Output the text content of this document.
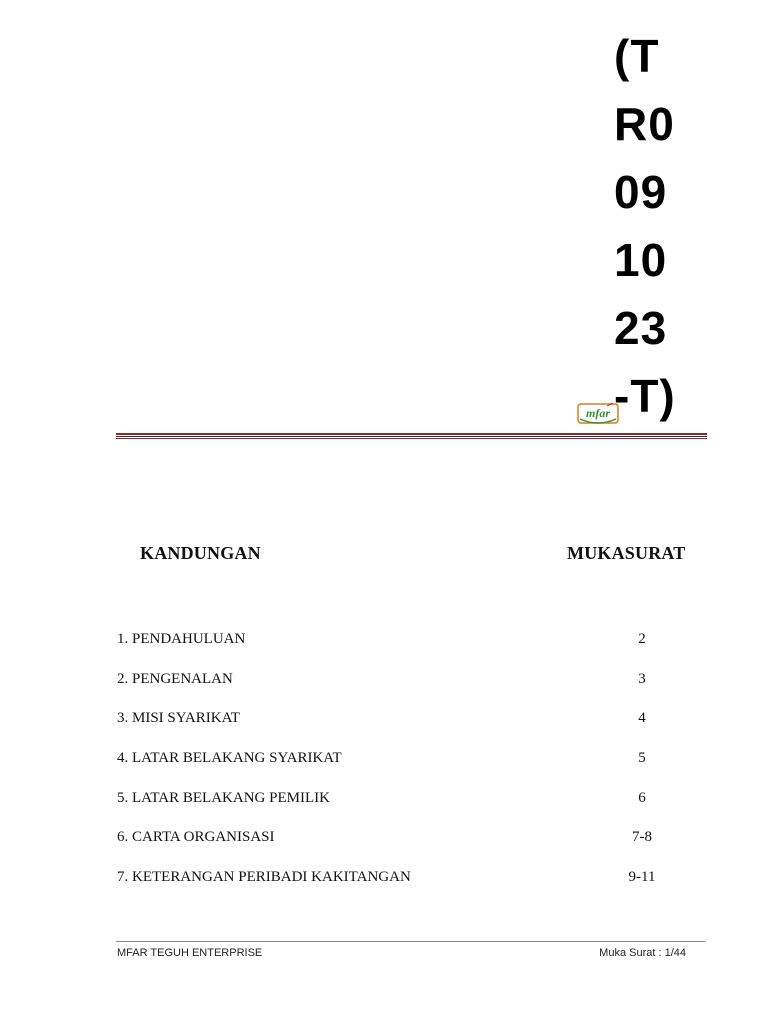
(T
R0
09
10
23
-T)
mfar
KANDUNGAN	MUKASURAT
1. PENDAHULUAN	2
2. PENGENALAN	3
3. MISI SYARIKAT	4
4. LATAR BELAKANG SYARIKAT	5
5. LATAR BELAKANG PEMILIK	6
6. CARTA ORGANISASI	7-8
7. KETERANGAN PERIBADI KAKITANGAN	9-11
MFAR TEGUH ENTERPRISE	Muka Surat : 1/44
